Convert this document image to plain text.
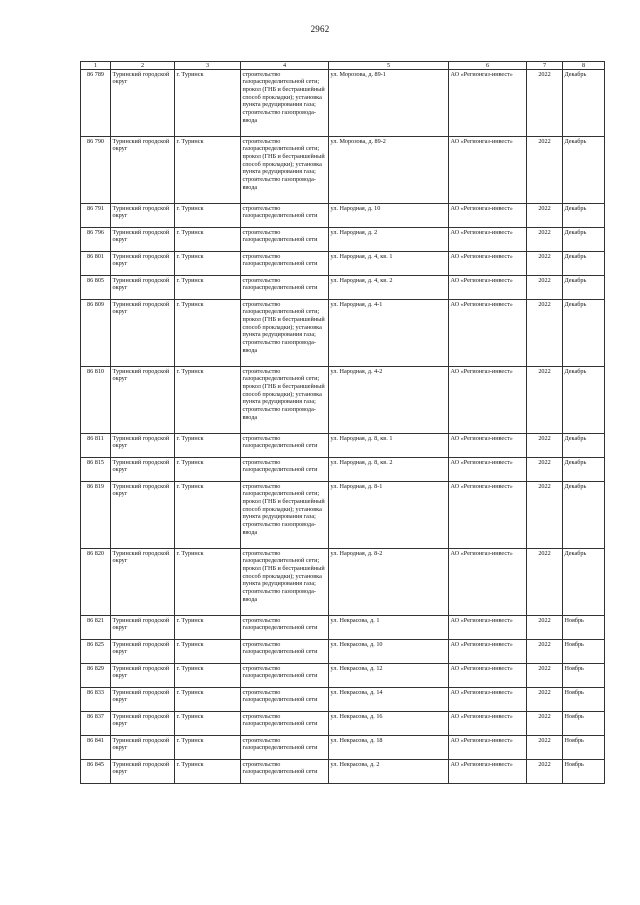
2962
1	2	3	4	5	6	7	8
86 789	Туринский городской округ	г. Туринск	строительство газораспределительной сети; прокол (ГНБ и бестраншейный способ прокладки); установка пункта редуцирования газа; строительство газопровода-ввода	ул. Морозова, д. 89-1	АО «Регионгаз-инвест»	2022	Декабрь
86 790	Туринский городской округ	г. Туринск	строительство газораспределительной сети; прокол (ГНБ и бестраншейный способ прокладки); установка пункта редуцирования газа; строительство газопровода-ввода	ул. Морозова, д. 89-2	АО «Регионгаз-инвест»	2022	Декабрь
86 791	Туринский городской округ	г. Туринск	строительство газораспределительной сети	ул. Народная, д. 10	АО «Регионгаз-инвест»	2022	Декабрь
86 796	Туринский городской округ	г. Туринск	строительство газораспределительной сети	ул. Народная, д. 2	АО «Регионгаз-инвест»	2022	Декабрь
86 801	Туринский городской округ	г. Туринск	строительство газораспределительной сети	ул. Народная, д. 4, кв. 1	АО «Регионгаз-инвест»	2022	Декабрь
86 805	Туринский городской округ	г. Туринск	строительство газораспределительной сети	ул. Народная, д. 4, кв. 2	АО «Регионгаз-инвест»	2022	Декабрь
86 809	Туринский городской округ	г. Туринск	строительство газораспределительной сети; прокол (ГНБ и бестраншейный способ прокладки); установка пункта редуцирования газа; строительство газопровода-ввода	ул. Народная, д. 4-1	АО «Регионгаз-инвест»	2022	Декабрь
86 810	Туринский городской округ	г. Туринск	строительство газораспределительной сети; прокол (ГНБ и бестраншейный способ прокладки); установка пункта редуцирования газа; строительство газопровода-ввода	ул. Народная, д. 4-2	АО «Регионгаз-инвест»	2022	Декабрь
86 811	Туринский городской округ	г. Туринск	строительство газораспределительной сети	ул. Народная, д. 8, кв. 1	АО «Регионгаз-инвест»	2022	Декабрь
86 815	Туринский городской округ	г. Туринск	строительство газораспределительной сети	ул. Народная, д. 8, кв. 2	АО «Регионгаз-инвест»	2022	Декабрь
86 819	Туринский городской округ	г. Туринск	строительство газораспределительной сети; прокол (ГНБ и бестраншейный способ прокладки); установка пункта редуцирования газа; строительство газопровода-ввода	ул. Народная, д. 8-1	АО «Регионгаз-инвест»	2022	Декабрь
86 820	Туринский городской округ	г. Туринск	строительство газораспределительной сети; прокол (ГНБ и бестраншейный способ прокладки); установка пункта редуцирования газа; строительство газопровода-ввода	ул. Народная, д. 8-2	АО «Регионгаз-инвест»	2022	Декабрь
86 821	Туринский городской округ	г. Туринск	строительство газораспределительной сети	ул. Некрасова, д. 1	АО «Регионгаз-инвест»	2022	Ноябрь
86 825	Туринский городской округ	г. Туринск	строительство газораспределительной сети	ул. Некрасова, д. 10	АО «Регионгаз-инвест»	2022	Ноябрь
86 829	Туринский городской округ	г. Туринск	строительство газораспределительной сети	ул. Некрасова, д. 12	АО «Регионгаз-инвест»	2022	Ноябрь
86 833	Туринский городской округ	г. Туринск	строительство газораспределительной сети	ул. Некрасова, д. 14	АО «Регионгаз-инвест»	2022	Ноябрь
86 837	Туринский городской округ	г. Туринск	строительство газораспределительной сети	ул. Некрасова, д. 16	АО «Регионгаз-инвест»	2022	Ноябрь
86 841	Туринский городской округ	г. Туринск	строительство газораспределительной сети	ул. Некрасова, д. 18	АО «Регионгаз-инвест»	2022	Ноябрь
86 845	Туринский городской округ	г. Туринск	строительство газораспределительной сети	ул. Некрасова, д. 2	АО «Регионгаз-инвест»	2022	Ноябрь
